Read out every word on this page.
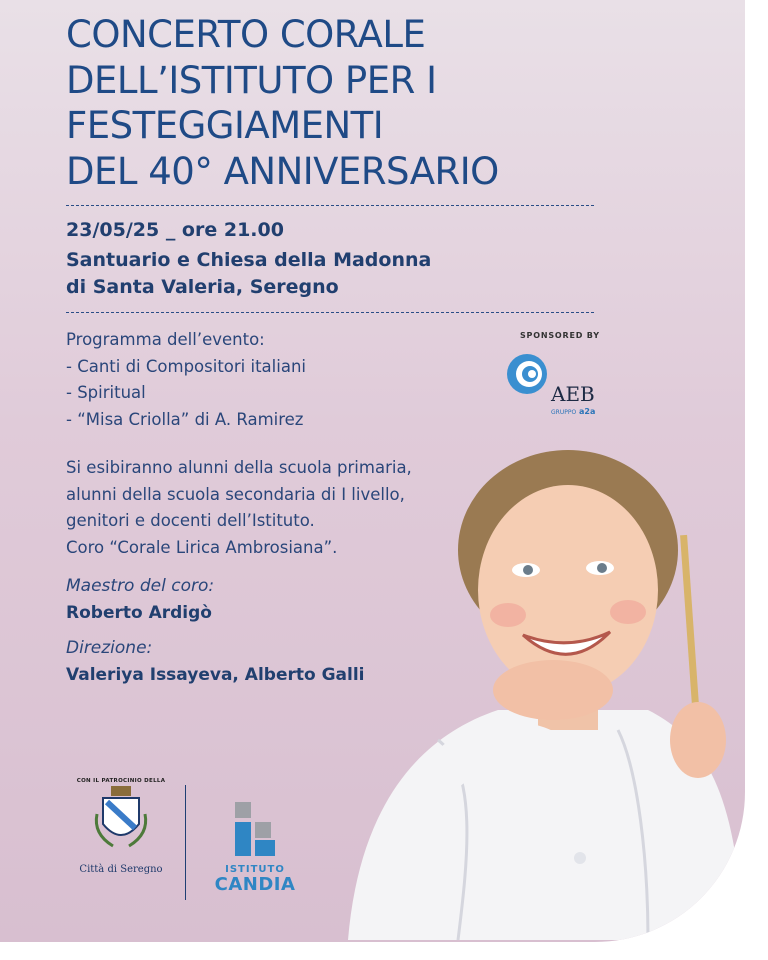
CONCERTO CORALE
DELL’ISTITUTO PER I
FESTEGGIAMENTI
DEL 40° ANNIVERSARIO
23/05/25 _ ore 21.00
Santuario e Chiesa della Madonna
di Santa Valeria, Seregno
Programma dell’evento:
- Canti di Compositori italiani
- Spiritual
- “Misa Criolla” di A. Ramirez
Si esibiranno alunni della scuola primaria,
alunni della scuola secondaria di I livello,
genitori e docenti dell’Istituto.
Coro “Corale Lirica Ambrosiana”.
Maestro del coro:
Roberto Ardigò
Direzione:
Valeriya Issayeva, Alberto Galli
SPONSORED BY
AEB
GRUPPO a2a
CON IL PATROCINIO DELLA
Città di Seregno	ISTITUTO
CANDIA
